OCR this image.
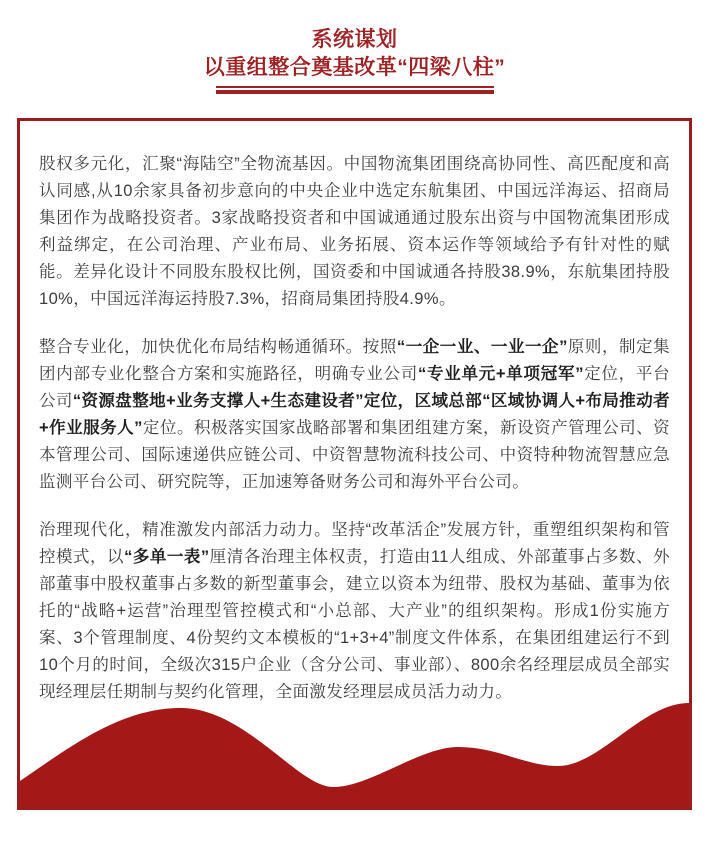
系统谋划
以重组整合奠基改革“四梁八柱”

股权多元化，汇聚“海陆空”全物流基因。中国物流集团围绕高协同性、高匹配度和高认同感,从10余家具备初步意向的中央企业中选定东航集团、中国远洋海运、招商局集团作为战略投资者。3家战略投资者和中国诚通通过股东出资与中国物流集团形成利益绑定，在公司治理、产业布局、业务拓展、资本运作等领域给予有针对性的赋能。差异化设计不同股东股权比例，国资委和中国诚通各持股38.9%，东航集团持股10%，中国远洋海运持股7.3%，招商局集团持股4.9%。

整合专业化，加快优化布局结构畅通循环。按照“一企一业、一业一企”原则，制定集团内部专业化整合方案和实施路径，明确专业公司“专业单元+单项冠军”定位，平台公司“资源盘整地+业务支撑人+生态建设者”定位，区域总部“区域协调人+布局推动者+作业服务人”定位。积极落实国家战略部署和集团组建方案，新设资产管理公司、资本管理公司、国际速递供应链公司、中资智慧物流科技公司、中资特种物流智慧应急监测平台公司、研究院等，正加速筹备财务公司和海外平台公司。

治理现代化，精准激发内部活力动力。坚持“改革活企”发展方针，重塑组织架构和管控模式，以“多单一表”厘清各治理主体权责，打造由11人组成、外部董事占多数、外部董事中股权董事占多数的新型董事会，建立以资本为纽带、股权为基础、董事为依托的“战略+运营”治理型管控模式和“小总部、大产业”的组织架构。形成1份实施方案、3个管理制度、4份契约文本模板的“1+3+4”制度文件体系，在集团组建运行不到10个月的时间，全级次315户企业（含分公司、事业部）、800余名经理层成员全部实现经理层任期制与契约化管理，全面激发经理层成员活力动力。
